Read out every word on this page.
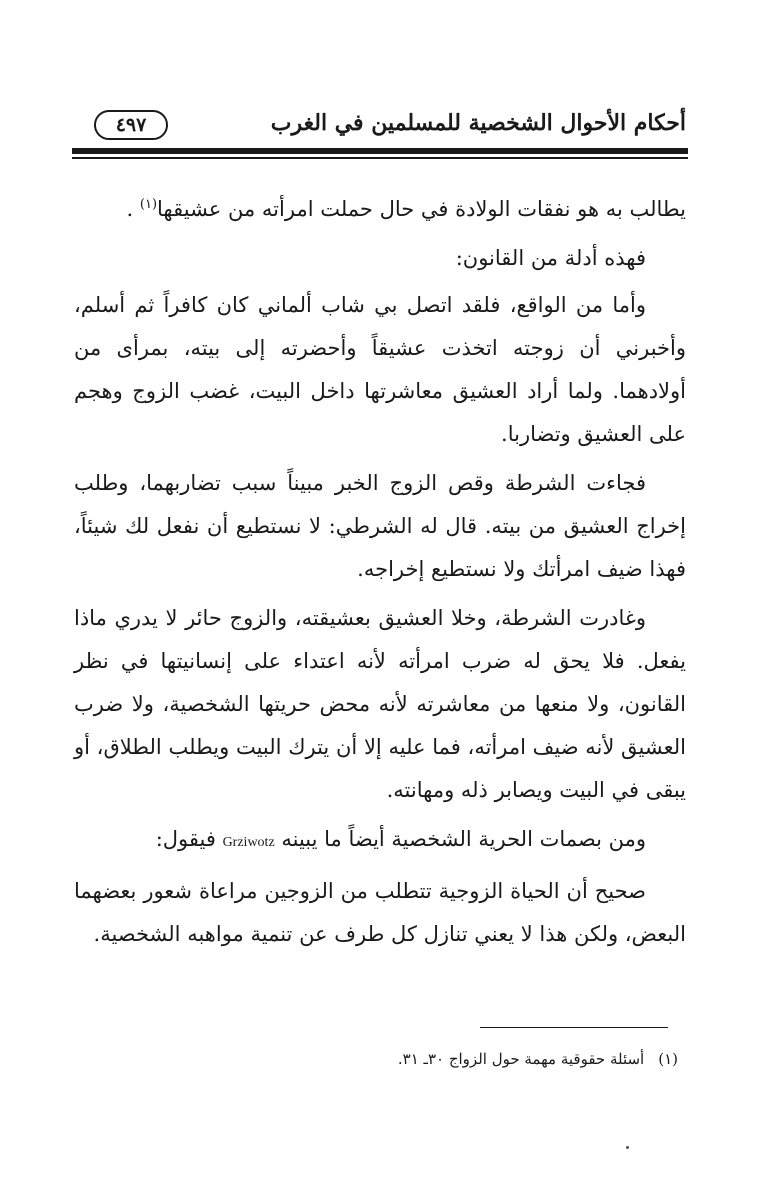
أحكام الأحوال الشخصية للمسلمين في الغرب
٤٩٧

يطالب به هو نفقات الولادة في حال حملت امرأته من عشيقها$^{(١)}$ .

فهذه أدلة من القانون:

وأما من الواقع، فلقد اتصل بي شاب ألماني كان كافراً ثم أسلم، وأخبرني أن زوجته اتخذت عشيقاً وأحضرته إلى بيته، بمرأى من أولادهما. ولما أراد العشيق معاشرتها داخل البيت، غضب الزوج وهجم على العشيق وتضاربا.

فجاءت الشرطة وقص الزوج الخبر مبيناً سبب تضاربهما، وطلب إخراج العشيق من بيته. قال له الشرطي: لا نستطيع أن نفعل لك شيئاً، فهذا ضيف امرأتك ولا نستطيع إخراجه.

وغادرت الشرطة، وخلا العشيق بعشيقته، والزوج حائر لا يدري ماذا يفعل. فلا يحق له ضرب امرأته لأنه اعتداء على إنسانيتها في نظر القانون، ولا منعها من معاشرته لأنه محض حريتها الشخصية، ولا ضرب العشيق لأنه ضيف امرأته، فما عليه إلا أن يترك البيت ويطلب الطلاق، أو يبقى في البيت ويصابر ذله ومهانته.

ومن بصمات الحرية الشخصية أيضاً ما يبينه Grziwotz فيقول:

صحيح أن الحياة الزوجية تتطلب من الزوجين مراعاة شعور بعضهما البعض، ولكن هذا لا يعني تنازل كل طرف عن تنمية مواهبه الشخصية.

(١)أسئلة حقوقية مهمة حول الزواج ٣٠ـ ٣١.
